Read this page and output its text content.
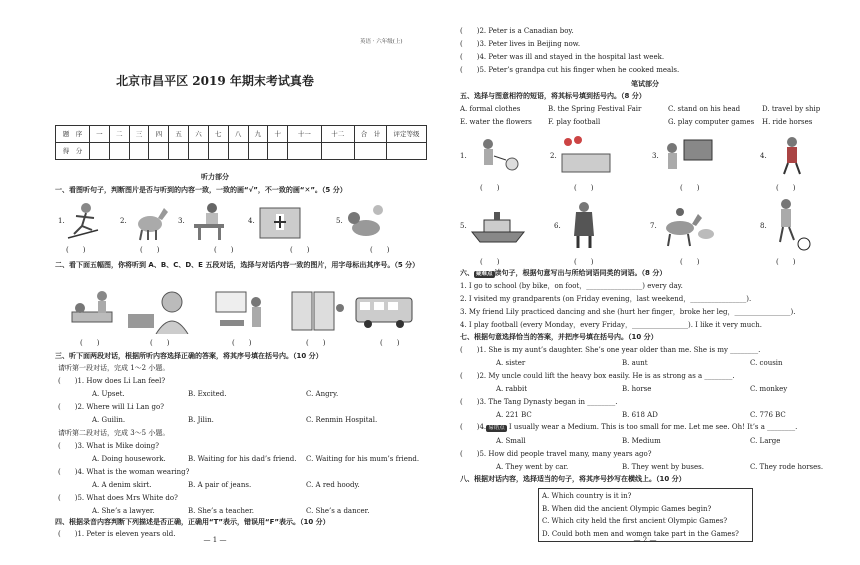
英语 · 六年级(上)
北京市昌平区 2019 年期末考试真卷
题　序	一	二	三	四	五	六	七	八	九	十	十一	十二	合　计	评定等级
得　分														
听力部分
一、看图听句子，判断图片是否与听到的内容一致，一致的画“√”，不一致的画“✕”。（5 分）
1.	2.	3.	4.	5.
(　　)	(　　)	(　　)	(　　)	(　　)
二、看下面五幅图，你将听到 A、B、C、D、E 五段对话，选择与对话内容一致的图片，用字母标出其序号。（5 分）
(　　)	(　　)	(　　)	(　　)	(　　)
三、听下面两段对话，根据所听内容选择正确的答案，将其序号填在括号内。（10 分）
请听第一段对话，完成 1～2 小题。
(　　)1. How does Li Lan feel?
A. Upset.	B. Excited.	C. Angry.
(　　)2. Where will Li Lan go?
A. Guilin.	B. Jilin.	C. Renmin Hospital.
请听第二段对话，完成 3～5 小题。
(　　)3. What is Mike doing?
A. Doing housework.	B. Waiting for his dad’s friend. C. Waiting for his mum’s friend.
(　　)4. What is the woman wearing?
A. A denim skirt.	B. A pair of jeans.	C. A red hoody.
(　　)5. What does Mrs White do?
A. She’s a lawyer.	B. She’s a teacher.	C. She’s a dancer.
四、根据录音内容判断下列描述是否正确，正确用“T”表示，错误用“F”表示。（10 分）
(　　)1. Peter is eleven years old.
— 1 —
(　　)2. Peter is a Canadian boy.
(　　)3. Peter lives in Beijing now.
(　　)4. Peter was ill and stayed in the hospital last week.
(　　)5. Peter’s grandpa cut his finger when he cooked meals.
笔试部分
五、选择与图意相符的短语，将其标号填到括号内。（8 分）
A. formal clothes	B. the Spring Festival Fair	C. stand on his head	D. travel by ship
E. water the flowers F. play football	G. play computer games H. ride horses
1.	2.	3.	4.
(　　)	(　　)	(　　)	(　　)
5.	6.	7.	8.
(　　)	(　　)	(　　)	(　　)
六、 疑难点 读句子，根据句意写出与所给词语同类的词语。（8 分）
1. I go to school (by bike，on foot，________________) every day.
2. I visited my grandparents (on Friday evening，last weekend，________________).
3. My friend Lily practiced dancing and she (hurt her finger，broke her leg，________________).
4. I play football (every Monday，every Friday，________________). I like it very much.
七、根据句意选择恰当的答案，并把序号填在括号内。（10 分）
(　　)1. She is my aunt’s daughter. She’s one year older than me. She is my ________.
A. sister	B. aunt	C. cousin
(　　)2. My uncle could lift the heavy box easily. He is as strong as a ________.
A. rabbit	B. horse	C. monkey
(　　)3. The Tang Dynasty began in ________.
A. 221 BC	B. 618 AD	C. 776 BC
(　　)4. 易错点 I usually wear a Medium. This is too small for me. Let me see. Oh! It’s a ________.
A. Small	B. Medium	C. Large
(　　)5. How did people travel many, many years ago?
A. They went by car.	B. They went by buses.	C. They rode horses.
八、根据对话内容，选择适当的句子，将其序号抄写在横线上。（10 分）
A. Which country is it in?
B. When did the ancient Olympic Games begin?
C. Which city held the first ancient Olympic Games?
D. Could both men and women take part in the Games?
— 2 —
